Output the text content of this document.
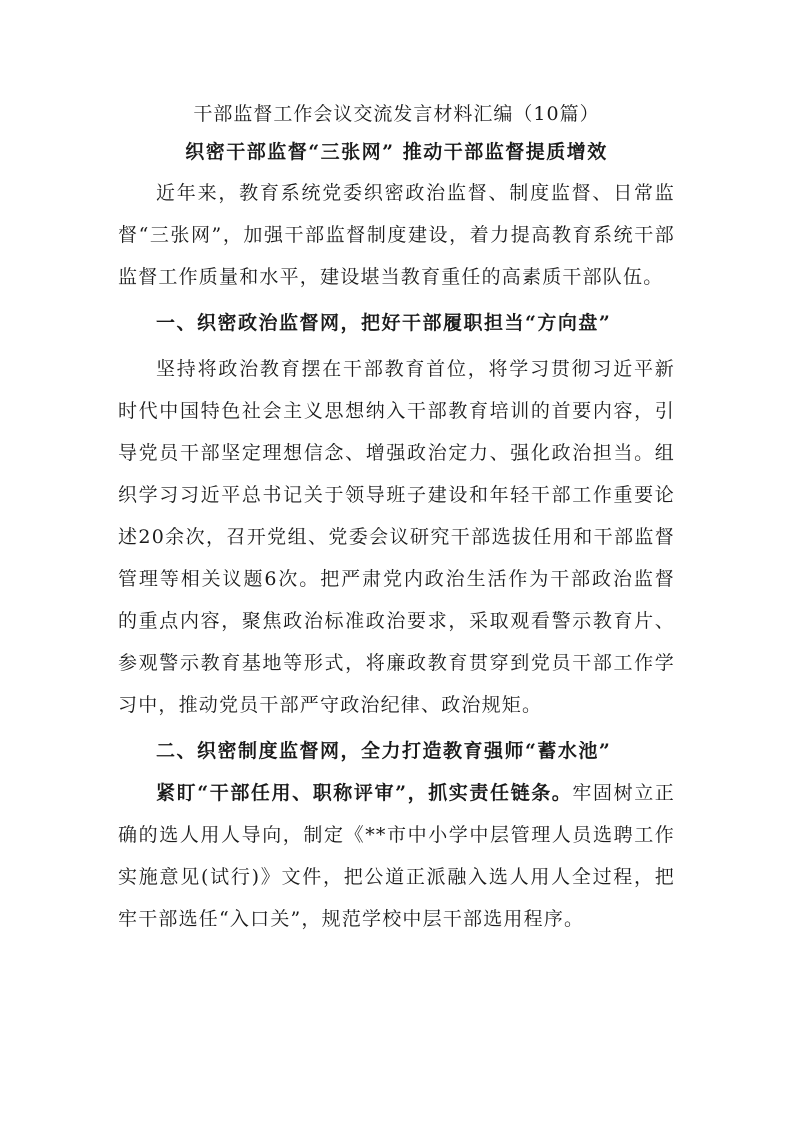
干部监督工作会议交流发言材料汇编（10篇）

织密干部监督“三张网” 推动干部监督提质增效

近年来，教育系统党委织密政治监督、制度监督、日常监督“三张网”，加强干部监督制度建设，着力提高教育系统干部监督工作质量和水平，建设堪当教育重任的高素质干部队伍。

一、织密政治监督网，把好干部履职担当“方向盘”

坚持将政治教育摆在干部教育首位，将学习贯彻习近平新时代中国特色社会主义思想纳入干部教育培训的首要内容，引导党员干部坚定理想信念、增强政治定力、强化政治担当。组织学习习近平总书记关于领导班子建设和年轻干部工作重要论述20余次，召开党组、党委会议研究干部选拔任用和干部监督管理等相关议题6次。把严肃党内政治生活作为干部政治监督的重点内容，聚焦政治标准政治要求，采取观看警示教育片、参观警示教育基地等形式，将廉政教育贯穿到党员干部工作学习中，推动党员干部严守政治纪律、政治规矩。

二、织密制度监督网，全力打造教育强师“蓄水池”

紧盯“干部任用、职称评审”，抓实责任链条。牢固树立正确的选人用人导向，制定《**市中小学中层管理人员选聘工作实施意见(试行)》文件，把公道正派融入选人用人全过程，把牢干部选任“入口关”，规范学校中层干部选用程序。
